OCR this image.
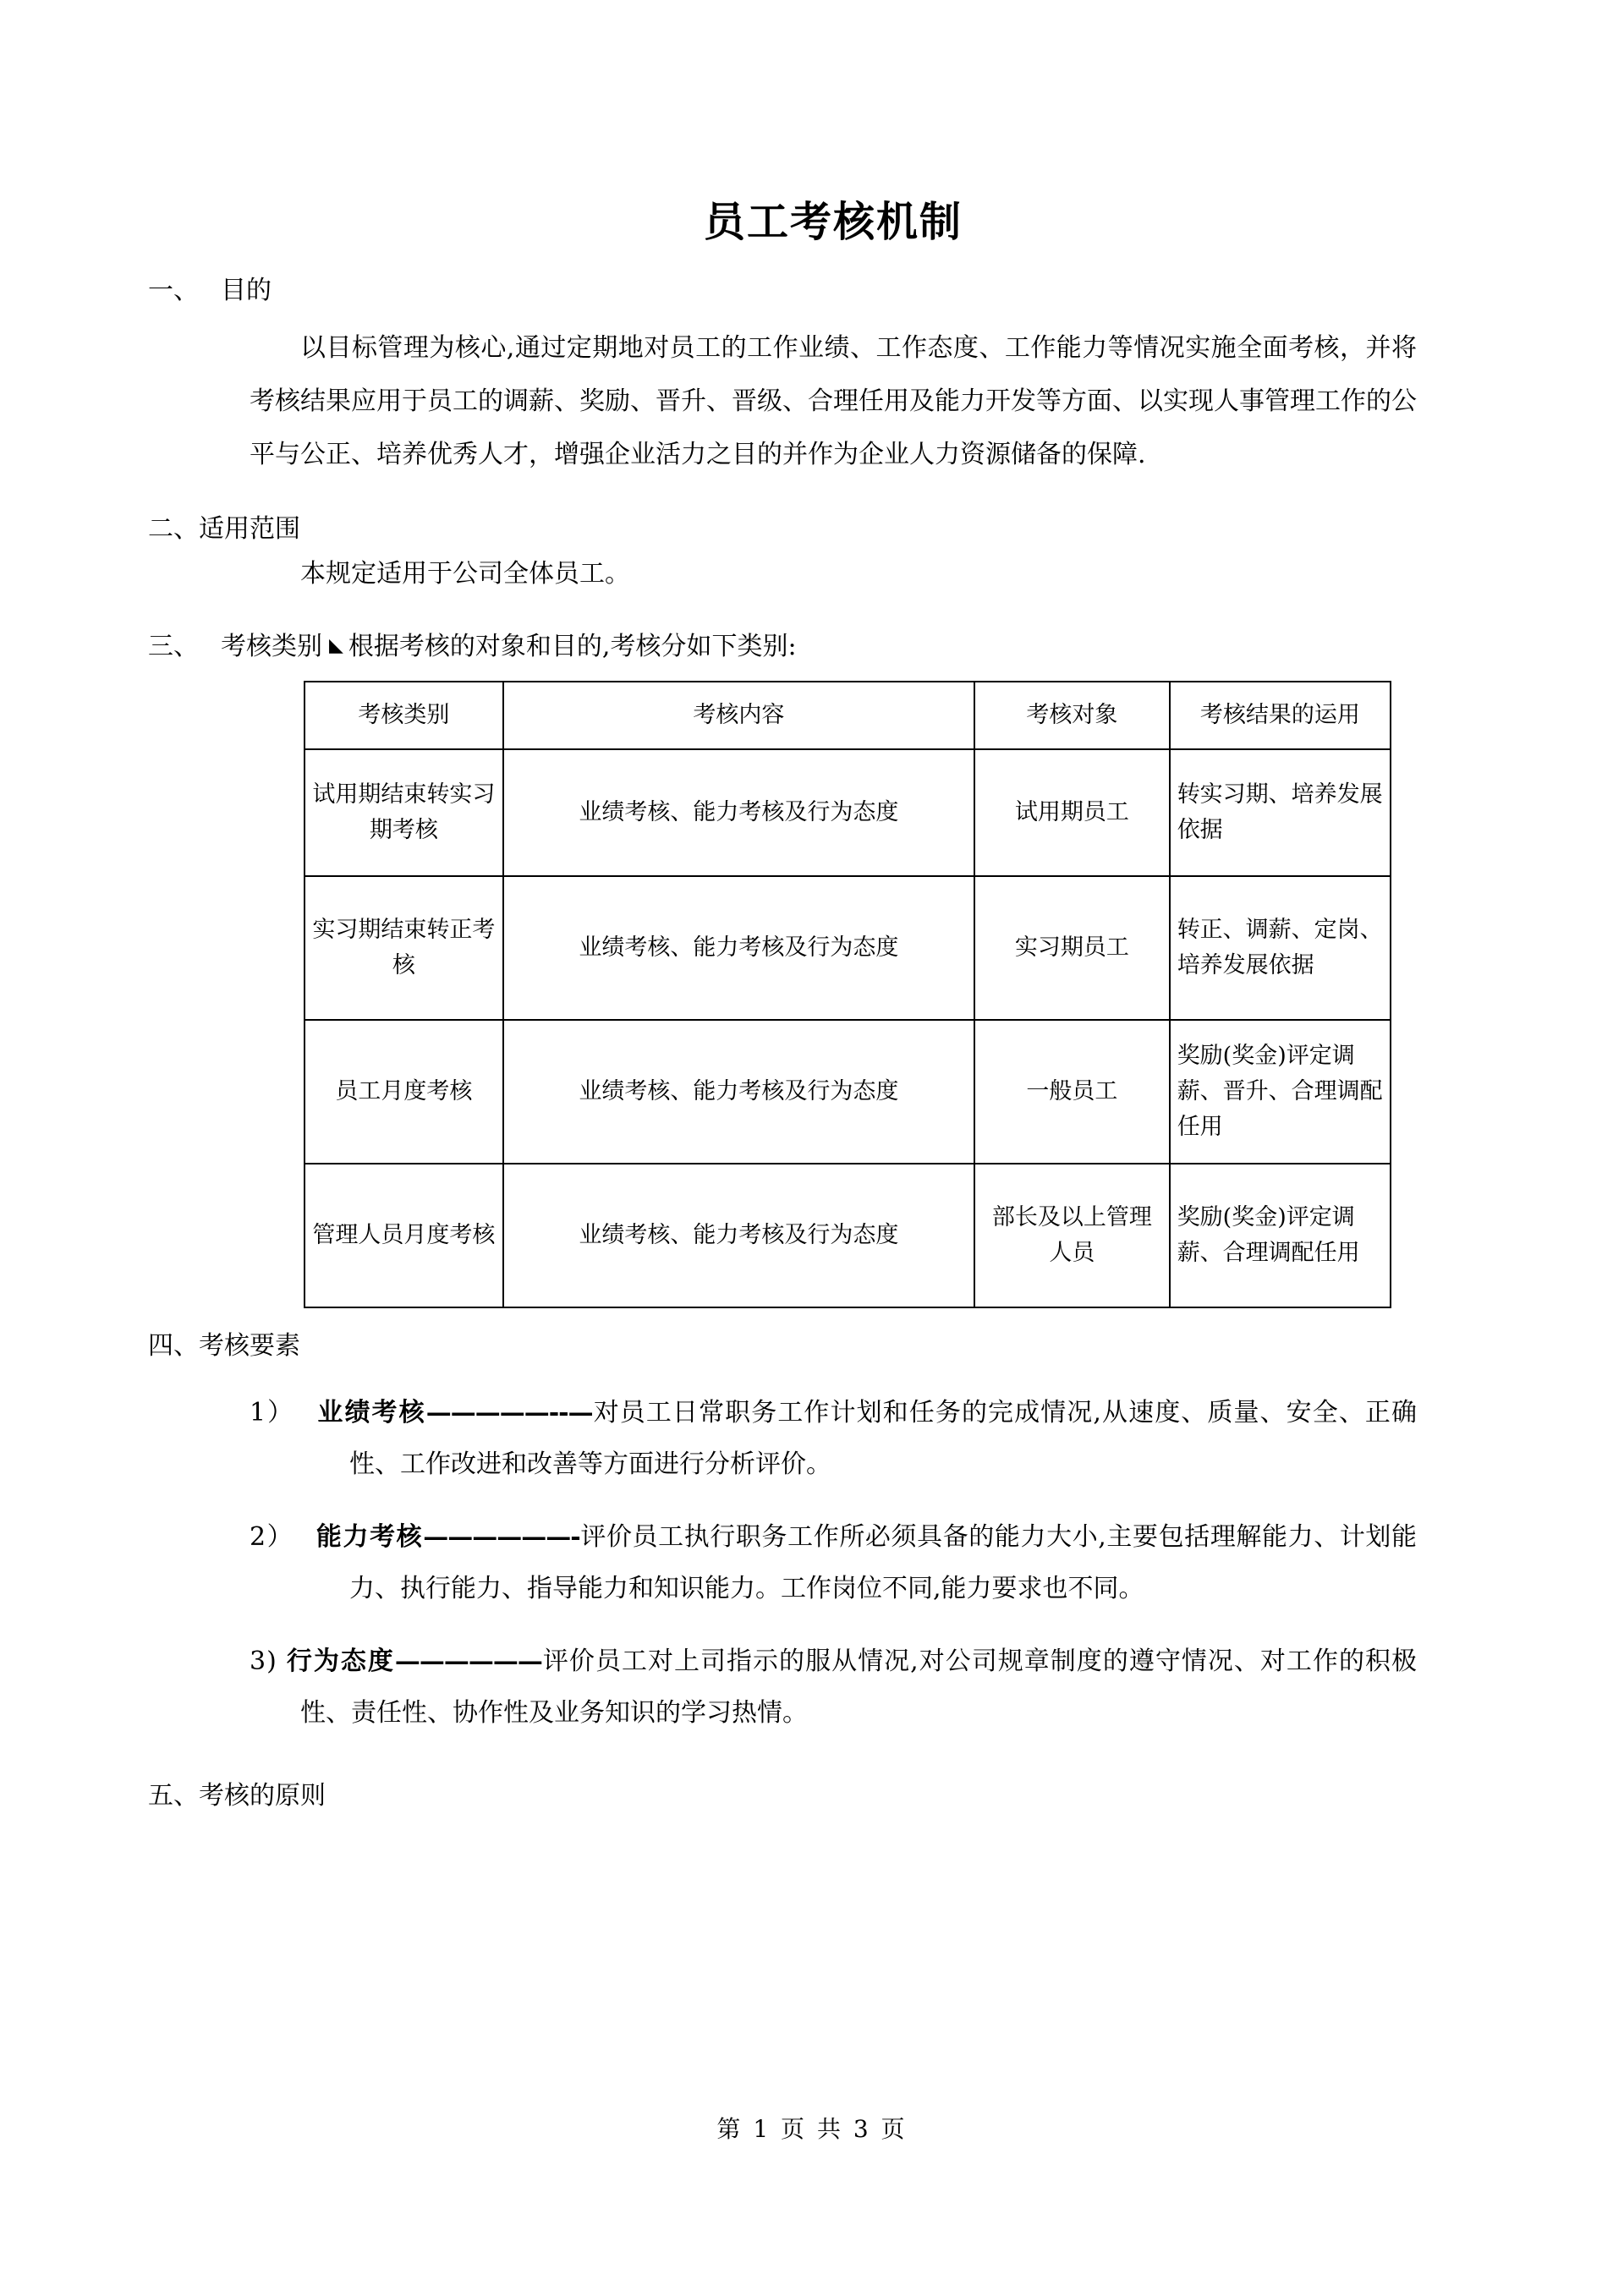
员工考核机制
一、 目的

以目标管理为核心,通过定期地对员工的工作业绩、工作态度、工作能力等情况实施全面考核，并将考核结果应用于员工的调薪、奖励、晋升、晋级、合理任用及能力开发等方面、以实现人事管理工作的公平与公正、培养优秀人才，增强企业活力之目的并作为企业人力资源储备的保障.

二、适用范围

本规定适用于公司全体员工。

三、 考核类别 ◣ 根据考核的对象和目的,考核分如下类别:
考核类别	考核内容	考核对象	考核结果的运用
试用期结束转实习期考核	业绩考核、能力考核及行为态度	试用期员工	转实习期、培养发展依据
实习期结束转正考核	业绩考核、能力考核及行为态度	实习期员工	转正、调薪、定岗、培养发展依据
员工月度考核	业绩考核、能力考核及行为态度	一般员工	奖励(奖金)评定调薪、晋升、合理调配任用
管理人员月度考核	业绩考核、能力考核及行为态度	部长及以上管理人员	奖励(奖金)评定调薪、合理调配任用
四、考核要素
1） 业绩考核—————--—对员工日常职务工作计划和任务的完成情况,从速度、质量、安全、正确性、工作改进和改善等方面进行分析评价。
2） 能力考核——————-评价员工执行职务工作所必须具备的能力大小,主要包括理解能力、计划能力、执行能力、指导能力和知识能力。工作岗位不同,能力要求也不同。
3) 行为态度——————评价员工对上司指示的服从情况,对公司规章制度的遵守情况、对工作的积极性、责任性、协作性及业务知识的学习热情。
五、考核的原则
第 1 页 共 3 页
